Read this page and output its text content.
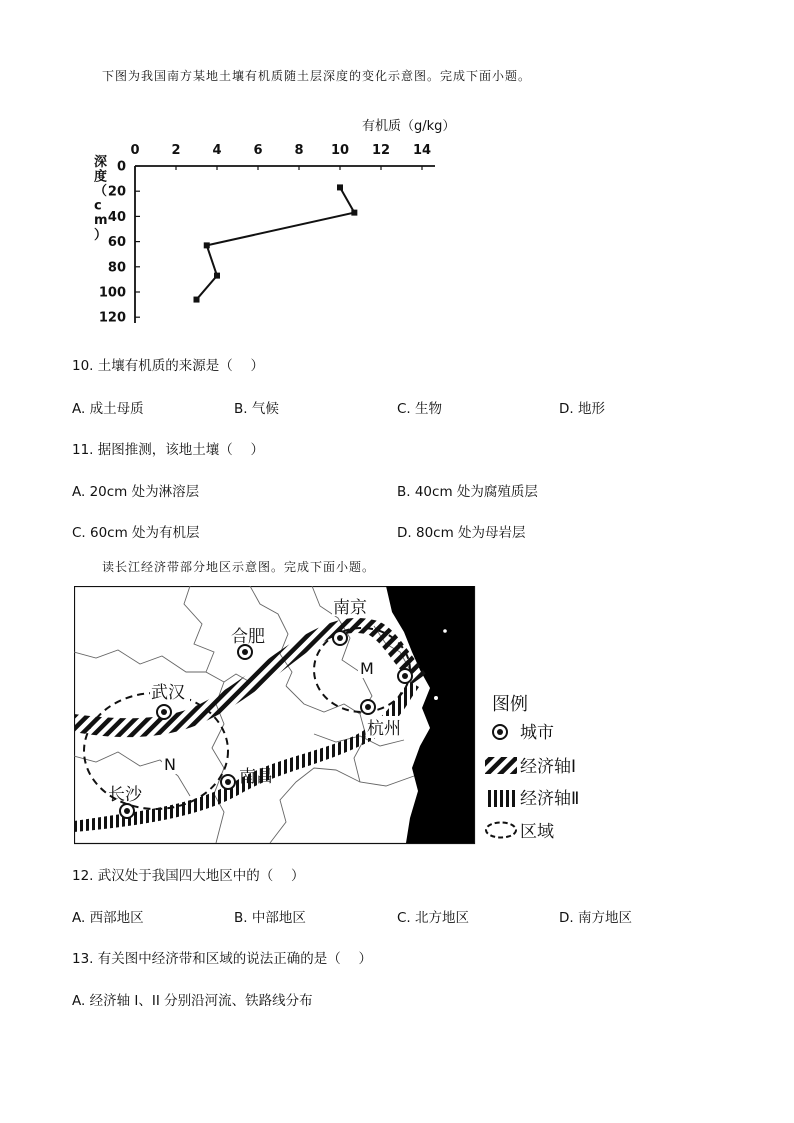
下图为我国南方某地土壤有机质随土层深度的变化示意图。完成下面小题。
0 2 4 6 8 10 12 14
0
20
40
60
80
100
120
有机质（g/kg）
深度（ c m ）
10. 土壤有机质的来源是（　 ）
A. 成土母质	B. 气候	C. 生物	D. 地形
11. 据图推测，该地土壤（　 ）
A. 20cm 处为淋溶层	B. 40cm 处为腐殖质层
C. 60cm 处为有机层	D. 80cm 处为母岩层
读长江经济带部分地区示意图。完成下面小题。
南京
合肥
武汉
杭州
南昌
长沙
M
N
图例
城市
经济轴Ⅰ
经济轴Ⅱ
区域
12. 武汉处于我国四大地区中的（　 ）
A. 西部地区	B. 中部地区	C. 北方地区	D. 南方地区
13. 有关图中经济带和区域的说法正确的是（　 ）
A. 经济轴 I、II 分别沿河流、铁路线分布
